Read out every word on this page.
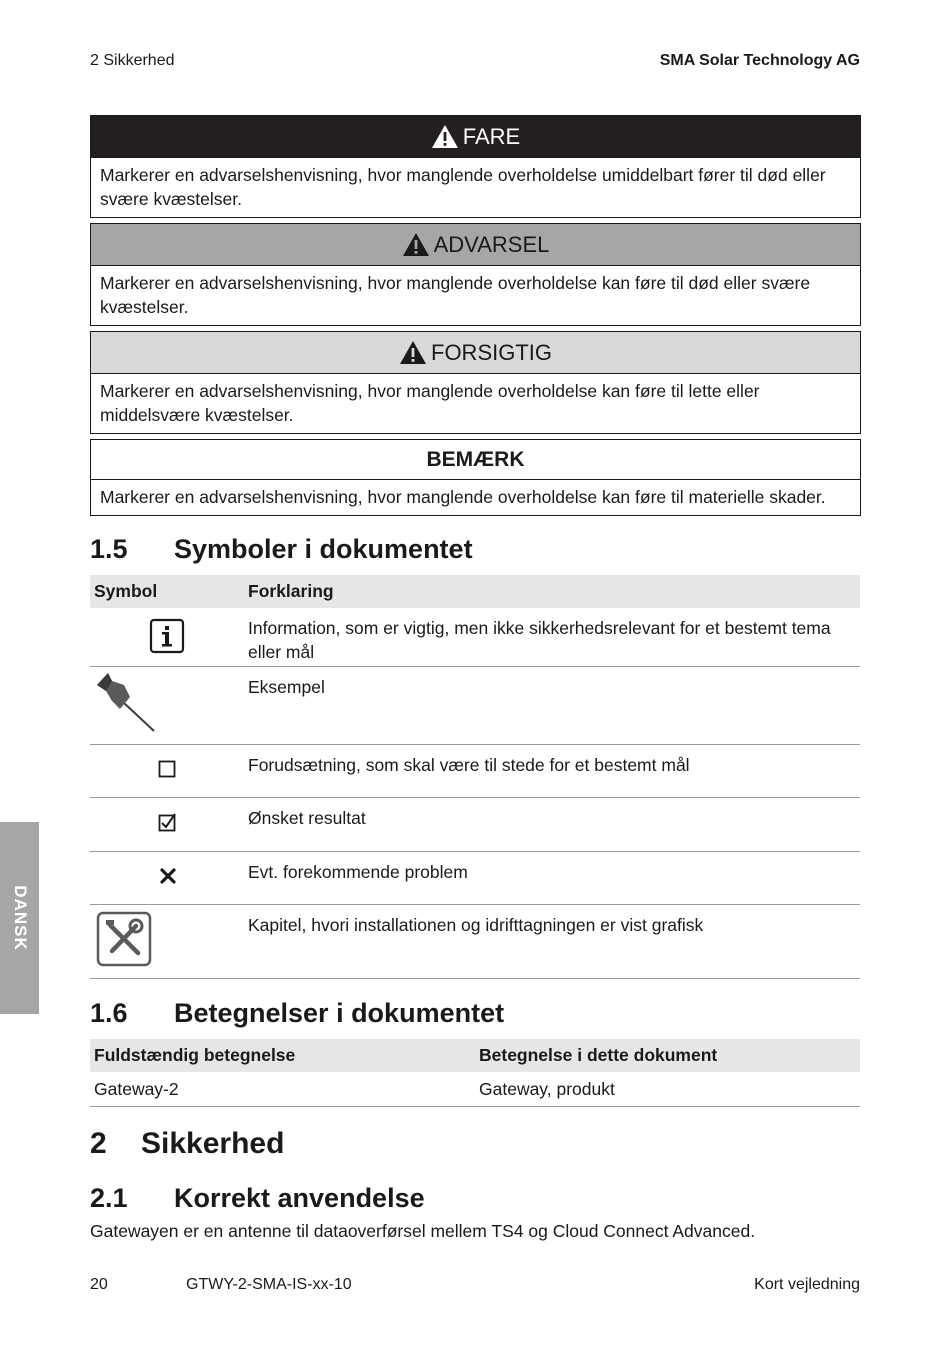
2 Sikkerhed	SMA Solar Technology AG
FARE
Markerer en advarselshenvisning, hvor manglende overholdelse umiddelbart fører til død eller svære kvæstelser.
ADVARSEL
Markerer en advarselshenvisning, hvor manglende overholdelse kan føre til død eller svære kvæstelser.
FORSIGTIG
Markerer en advarselshenvisning, hvor manglende overholdelse kan føre til lette eller middelsvære kvæstelser.
BEMÆRK
Markerer en advarselshenvisning, hvor manglende overholdelse kan føre til materielle skader.
1.5 Symboler i dokumentet
Symbol	Forklaring
Information, som er vigtig, men ikke sikkerhedsrelevant for et bestemt tema eller mål
Eksempel
Forudsætning, som skal være til stede for et bestemt mål
Ønsket resultat
Evt. forekommende problem
Kapitel, hvori installationen og idrifttagningen er vist grafisk
1.6 Betegnelser i dokumentet
Fuldstændig betegnelse	Betegnelse i dette dokument
Gateway-2	Gateway, produkt
2 Sikkerhed
2.1 Korrekt anvendelse
Gatewayen er en antenne til dataoverførsel mellem TS4 og Cloud Connect Advanced.
20	GTWY-2-SMA-IS-xx-10	Kort vejledning
DANSK
